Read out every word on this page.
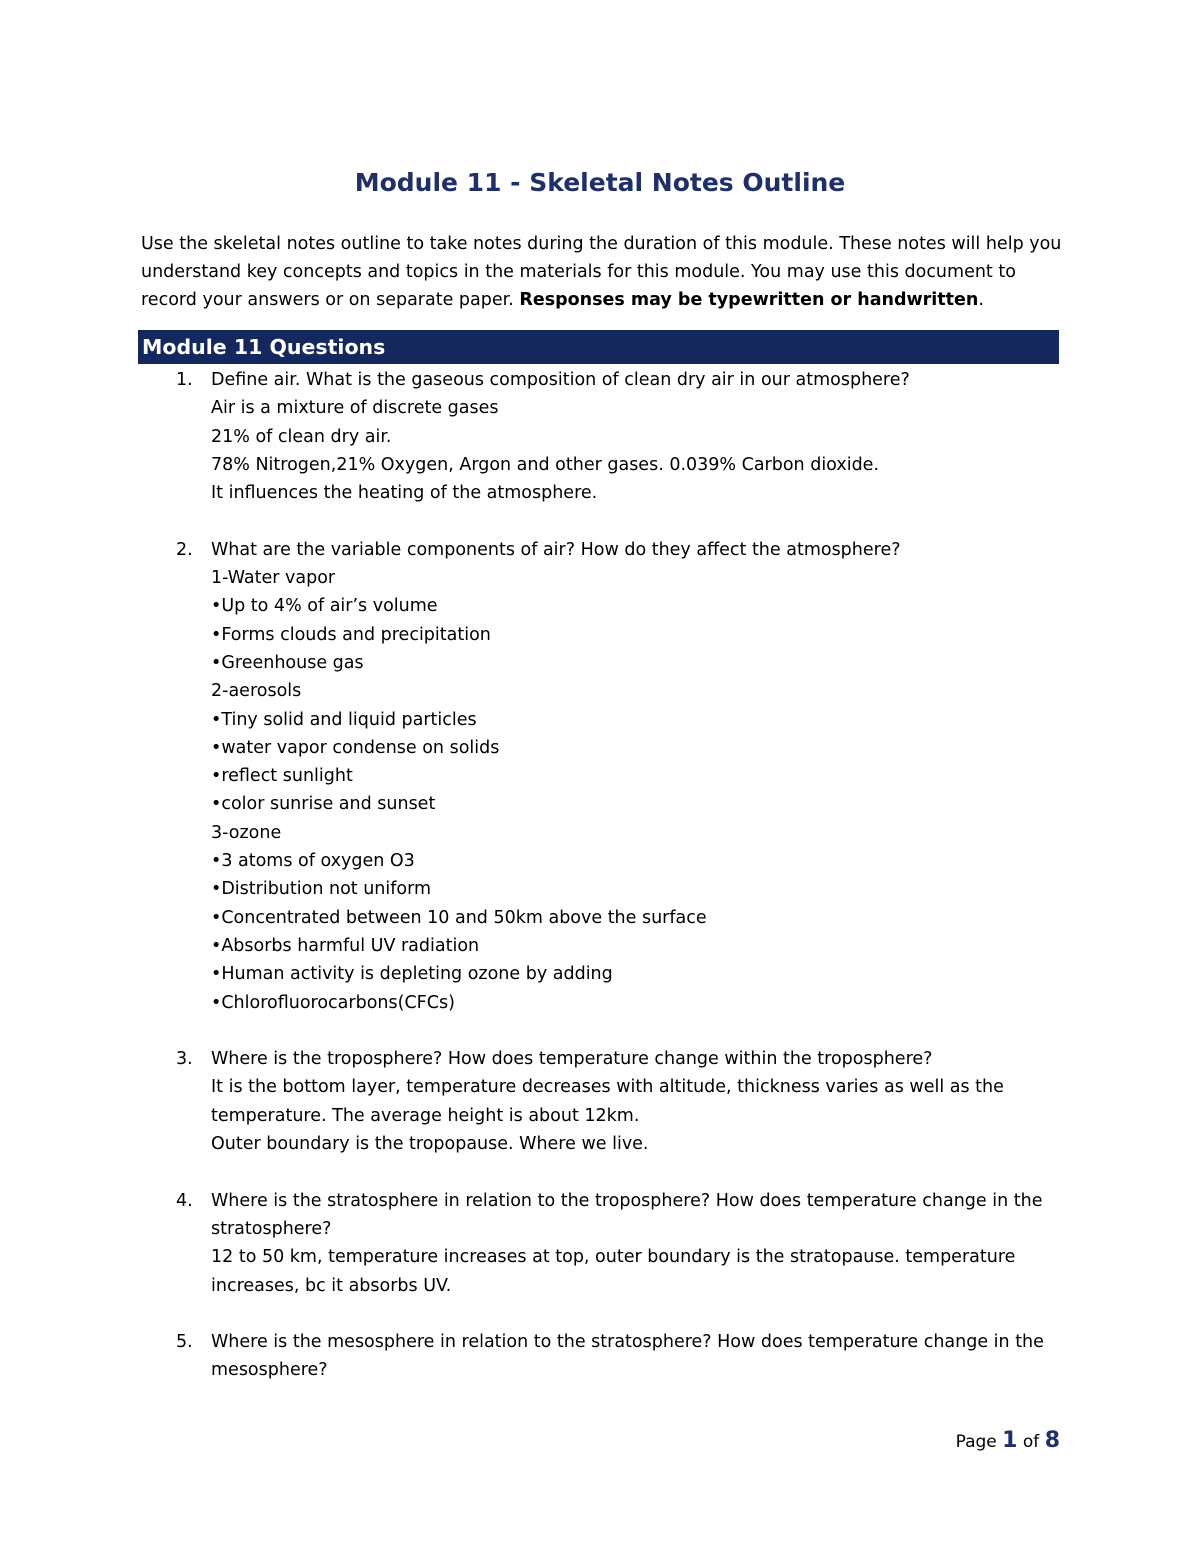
Module 11 - Skeletal Notes Outline
Use the skeletal notes outline to take notes during the duration of this module. These notes will help you understand key concepts and topics in the materials for this module. You may use this document to record your answers or on separate paper. Responses may be typewritten or handwritten.
Module 11 Questions
1.	Define air. What is the gaseous composition of clean dry air in our atmosphere?
Air is a mixture of discrete gases
21% of clean dry air.
78% Nitrogen,21% Oxygen, Argon and other gases. 0.039% Carbon dioxide.
It influences the heating of the atmosphere.
2.	What are the variable components of air? How do they affect the atmosphere?
1-Water vapor
•Up to 4% of air’s volume
•Forms clouds and precipitation
•Greenhouse gas
2-aerosols
•Tiny solid and liquid particles
•water vapor condense on solids
•reflect sunlight
•color sunrise and sunset
3-ozone
•3 atoms of oxygen O3
•Distribution not uniform
•Concentrated between 10 and 50km above the surface
•Absorbs harmful UV radiation
•Human activity is depleting ozone by adding
•Chlorofluorocarbons(CFCs)
3.	Where is the troposphere? How does temperature change within the troposphere?
It is the bottom layer, temperature decreases with altitude, thickness varies as well as the
temperature. The average height is about 12km.
Outer boundary is the tropopause. Where we live.
4.	Where is the stratosphere in relation to the troposphere? How does temperature change in the stratosphere?
12 to 50 km, temperature increases at top, outer boundary is the stratopause. temperature
increases, bc it absorbs UV.
5.	Where is the mesosphere in relation to the stratosphere? How does temperature change in the mesosphere?
Page 1 of 8
